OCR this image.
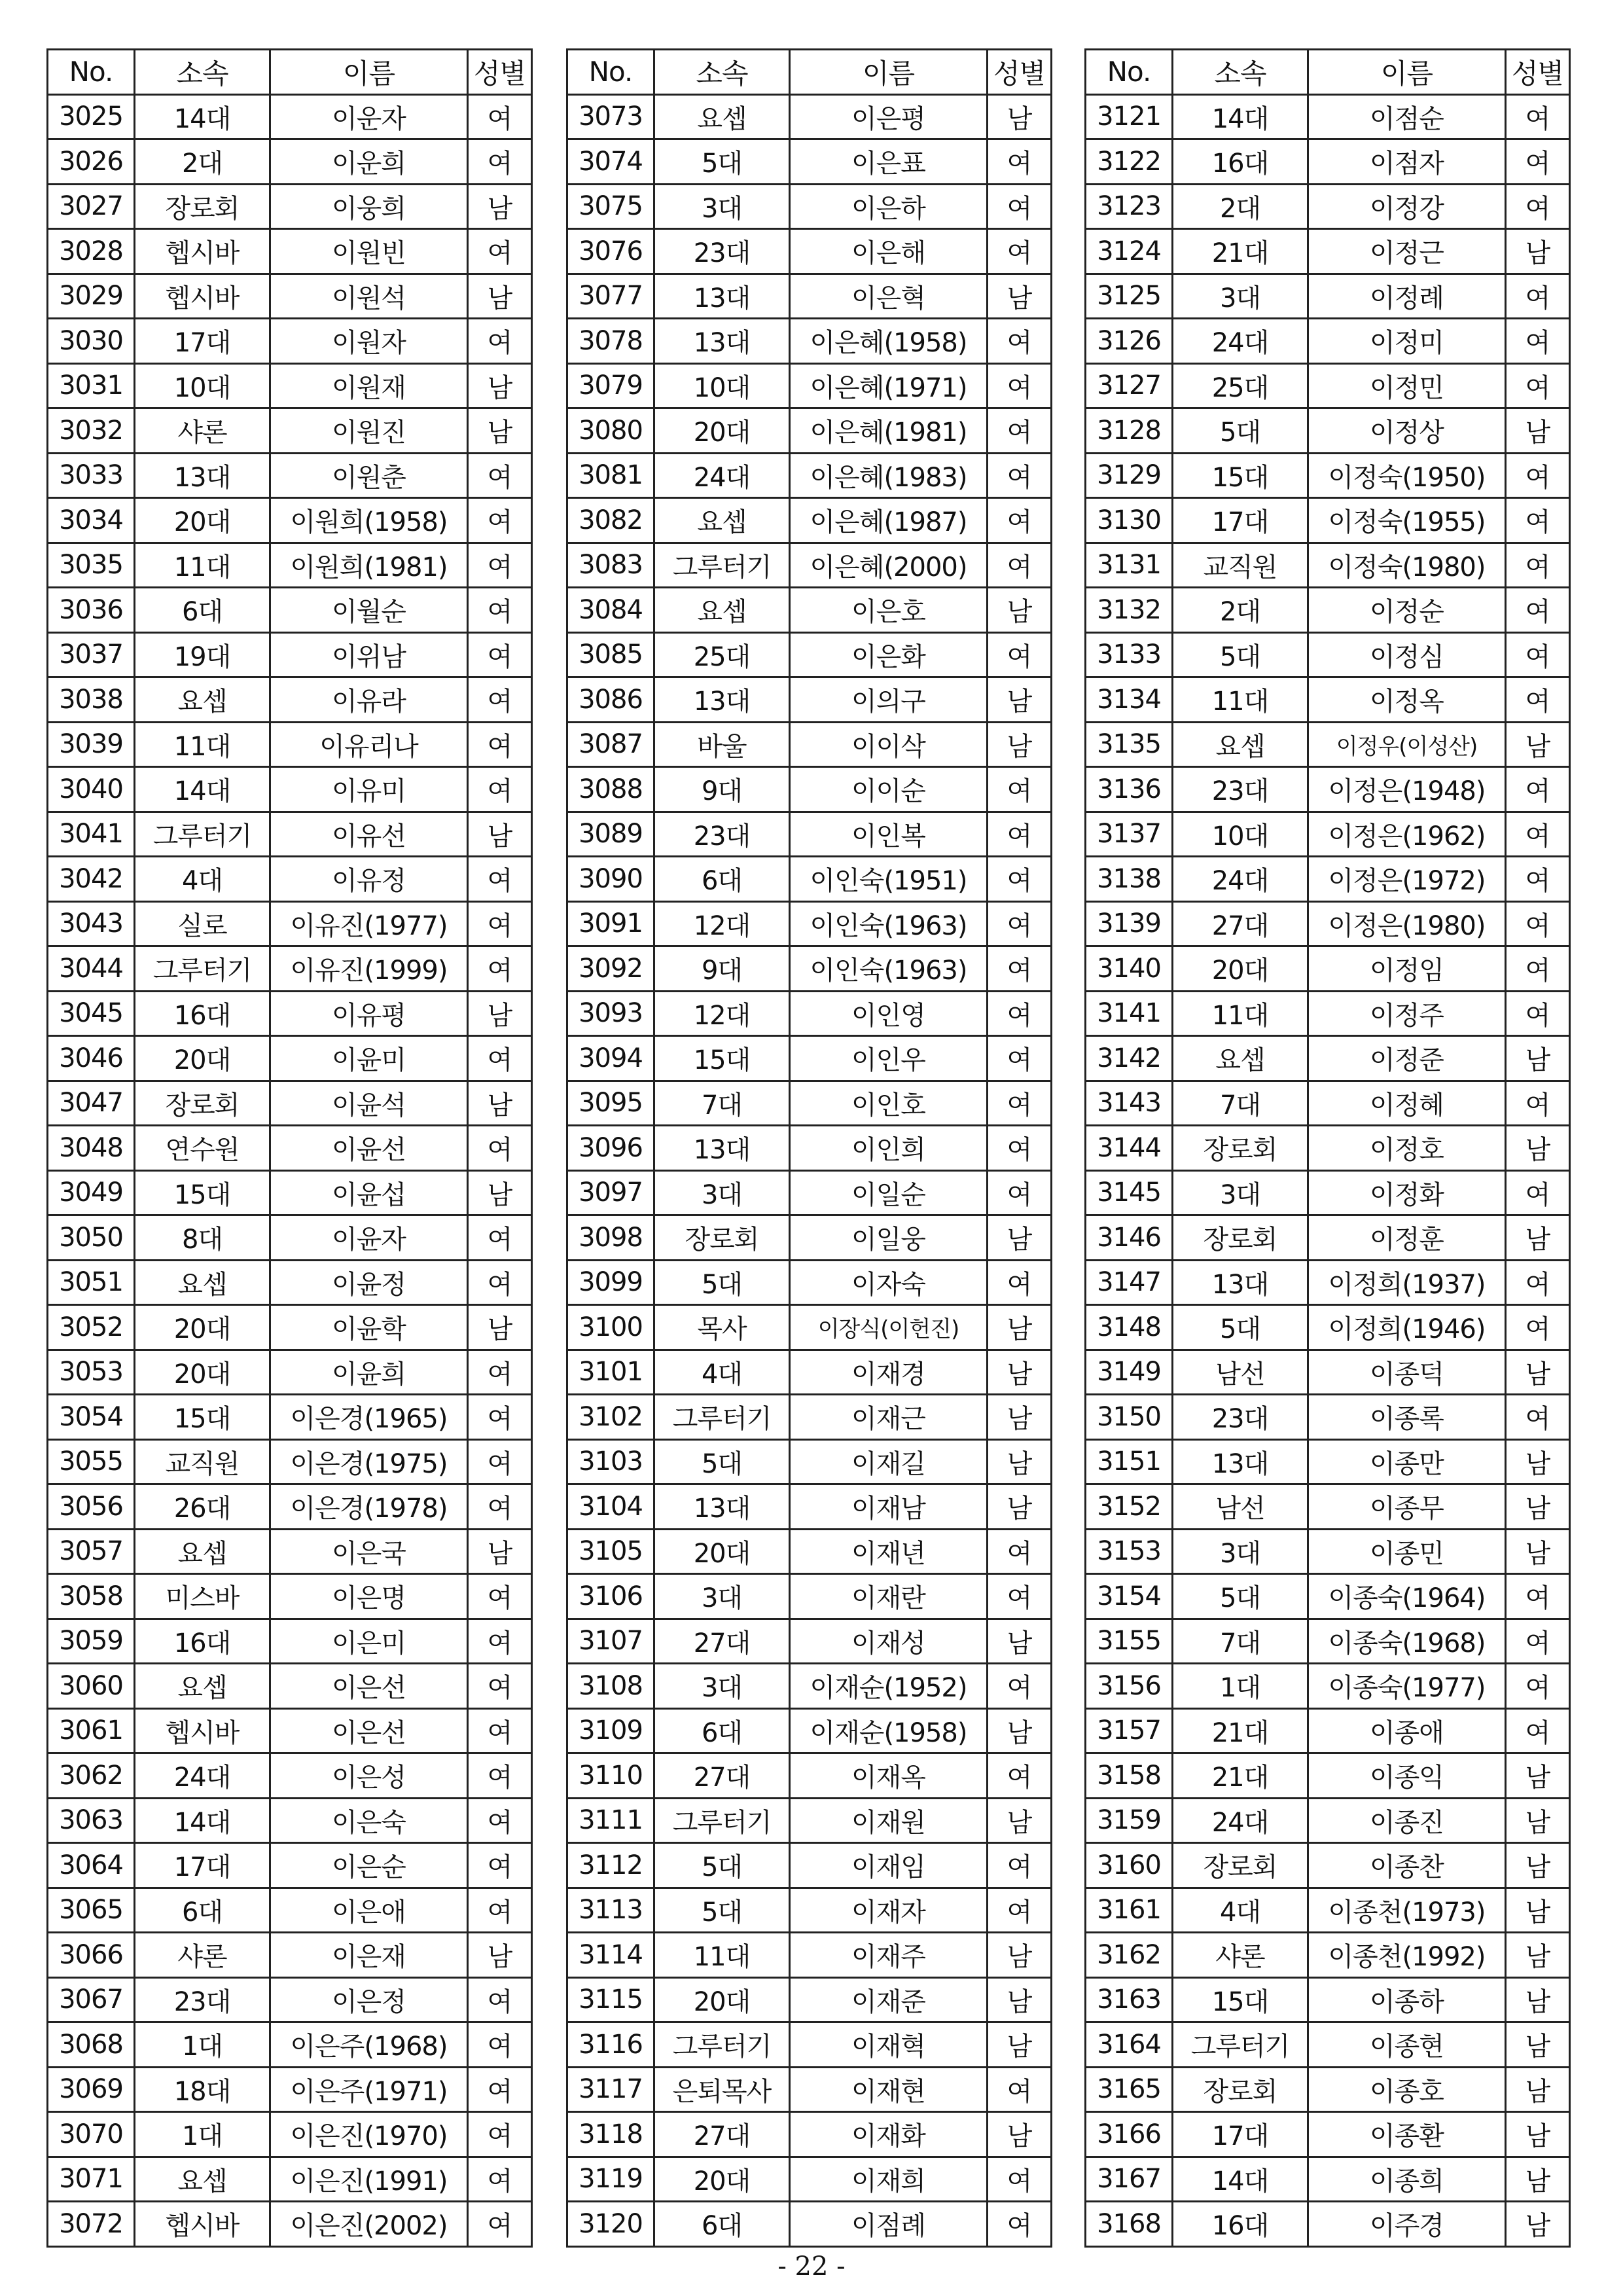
No.	소속	이름	성별
3025	14대	이운자	여
3026	2대	이운희	여
3027	장로회	이웅희	남
3028	헵시바	이원빈	여
3029	헵시바	이원석	남
3030	17대	이원자	여
3031	10대	이원재	남
3032	샤론	이원진	남
3033	13대	이원춘	여
3034	20대	이원희(1958)	여
3035	11대	이원희(1981)	여
3036	6대	이월순	여
3037	19대	이위남	여
3038	요셉	이유라	여
3039	11대	이유리나	여
3040	14대	이유미	여
3041	그루터기	이유선	남
3042	4대	이유정	여
3043	실로	이유진(1977)	여
3044	그루터기	이유진(1999)	여
3045	16대	이유평	남
3046	20대	이윤미	여
3047	장로회	이윤석	남
3048	연수원	이윤선	여
3049	15대	이윤섭	남
3050	8대	이윤자	여
3051	요셉	이윤정	여
3052	20대	이윤학	남
3053	20대	이윤희	여
3054	15대	이은경(1965)	여
3055	교직원	이은경(1975)	여
3056	26대	이은경(1978)	여
3057	요셉	이은국	남
3058	미스바	이은명	여
3059	16대	이은미	여
3060	요셉	이은선	여
3061	헵시바	이은선	여
3062	24대	이은성	여
3063	14대	이은숙	여
3064	17대	이은순	여
3065	6대	이은애	여
3066	샤론	이은재	남
3067	23대	이은정	여
3068	1대	이은주(1968)	여
3069	18대	이은주(1971)	여
3070	1대	이은진(1970)	여
3071	요셉	이은진(1991)	여
3072	헵시바	이은진(2002)	여
No.	소속	이름	성별
3073	요셉	이은평	남
3074	5대	이은표	여
3075	3대	이은하	여
3076	23대	이은해	여
3077	13대	이은혁	남
3078	13대	이은혜(1958)	여
3079	10대	이은혜(1971)	여
3080	20대	이은혜(1981)	여
3081	24대	이은혜(1983)	여
3082	요셉	이은혜(1987)	여
3083	그루터기	이은혜(2000)	여
3084	요셉	이은호	남
3085	25대	이은화	여
3086	13대	이의구	남
3087	바울	이이삭	남
3088	9대	이이순	여
3089	23대	이인복	여
3090	6대	이인숙(1951)	여
3091	12대	이인숙(1963)	여
3092	9대	이인숙(1963)	여
3093	12대	이인영	여
3094	15대	이인우	여
3095	7대	이인호	여
3096	13대	이인희	여
3097	3대	이일순	여
3098	장로회	이일웅	남
3099	5대	이자숙	여
3100	목사	이장식(이헌진)	남
3101	4대	이재경	남
3102	그루터기	이재근	남
3103	5대	이재길	남
3104	13대	이재남	남
3105	20대	이재년	여
3106	3대	이재란	여
3107	27대	이재성	남
3108	3대	이재순(1952)	여
3109	6대	이재순(1958)	남
3110	27대	이재옥	여
3111	그루터기	이재원	남
3112	5대	이재임	여
3113	5대	이재자	여
3114	11대	이재주	남
3115	20대	이재준	남
3116	그루터기	이재혁	남
3117	은퇴목사	이재현	여
3118	27대	이재화	남
3119	20대	이재희	여
3120	6대	이점례	여
No.	소속	이름	성별
3121	14대	이점순	여
3122	16대	이점자	여
3123	2대	이정강	여
3124	21대	이정근	남
3125	3대	이정례	여
3126	24대	이정미	여
3127	25대	이정민	여
3128	5대	이정상	남
3129	15대	이정숙(1950)	여
3130	17대	이정숙(1955)	여
3131	교직원	이정숙(1980)	여
3132	2대	이정순	여
3133	5대	이정심	여
3134	11대	이정옥	여
3135	요셉	이정우(이성산)	남
3136	23대	이정은(1948)	여
3137	10대	이정은(1962)	여
3138	24대	이정은(1972)	여
3139	27대	이정은(1980)	여
3140	20대	이정임	여
3141	11대	이정주	여
3142	요셉	이정준	남
3143	7대	이정혜	여
3144	장로회	이정호	남
3145	3대	이정화	여
3146	장로회	이정훈	남
3147	13대	이정희(1937)	여
3148	5대	이정희(1946)	여
3149	남선	이종덕	남
3150	23대	이종록	여
3151	13대	이종만	남
3152	남선	이종무	남
3153	3대	이종민	남
3154	5대	이종숙(1964)	여
3155	7대	이종숙(1968)	여
3156	1대	이종숙(1977)	여
3157	21대	이종애	여
3158	21대	이종익	남
3159	24대	이종진	남
3160	장로회	이종찬	남
3161	4대	이종천(1973)	남
3162	샤론	이종천(1992)	남
3163	15대	이종하	남
3164	그루터기	이종현	남
3165	장로회	이종호	남
3166	17대	이종환	남
3167	14대	이종희	남
3168	16대	이주경	남
- 22 -
